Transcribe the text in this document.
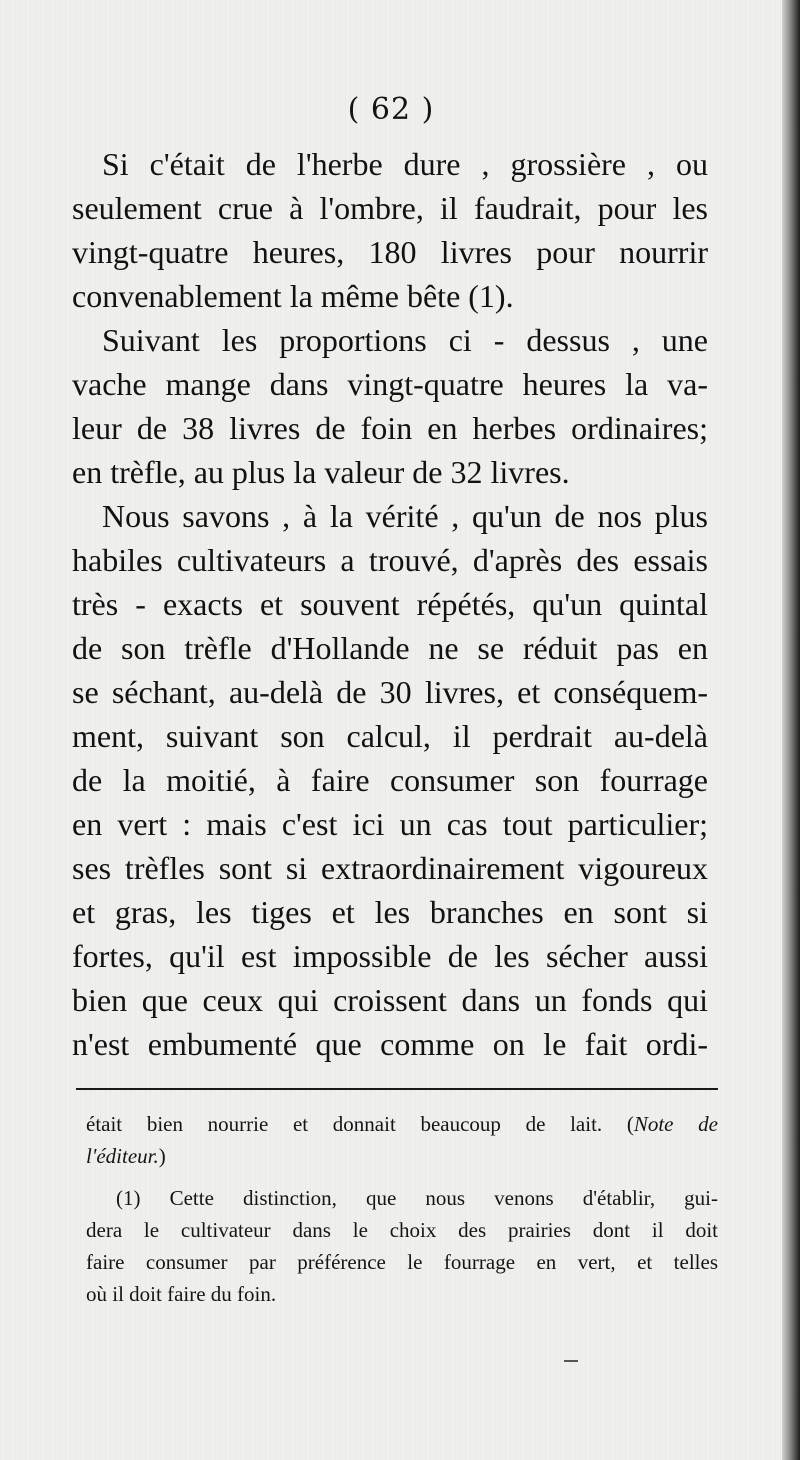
( 62 )

Si c'était de l'herbe dure , grossière , ou

seulement crue à l'ombre, il faudrait, pour les

vingt-quatre heures, 180 livres pour nourrir

convenablement la même bête (1).

Suivant les proportions ci - dessus , une

vache mange dans vingt-quatre heures la va-

leur de 38 livres de foin en herbes ordinaires;

en trèfle, au plus la valeur de 32 livres.

Nous savons , à la vérité , qu'un de nos plus

habiles cultivateurs a trouvé, d'après des essais

très - exacts et souvent répétés, qu'un quintal

de son trèfle d'Hollande ne se réduit pas en

se séchant, au-delà de 30 livres, et conséquem-

ment, suivant son calcul, il perdrait au-delà

de la moitié, à faire consumer son fourrage

en vert : mais c'est ici un cas tout particulier;

ses trèfles sont si extraordinairement vigoureux

et gras, les tiges et les branches en sont si

fortes, qu'il est impossible de les sécher aussi

bien que ceux qui croissent dans un fonds qui

n'est embumenté que comme on le fait ordi-

était bien nourrie et donnait beaucoup de lait. (Note de

l'éditeur.)

(1) Cette distinction, que nous venons d'établir, gui-

dera le cultivateur dans le choix des prairies dont il doit

faire consumer par préférence le fourrage en vert, et telles

où il doit faire du foin.
